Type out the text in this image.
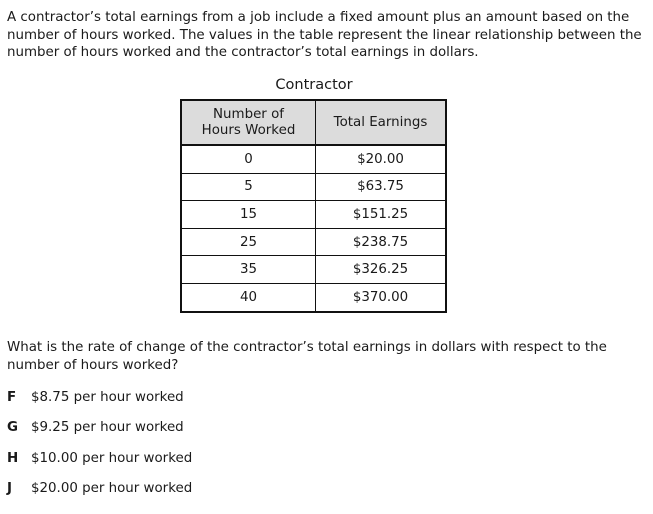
A contractor’s total earnings from a job include a fixed amount plus an amount based on the number of hours worked. The values in the table represent the linear relationship between the number of hours worked and the contractor’s total earnings in dollars.

Contractor
Number of
Hours Worked	Total Earnings
0	$20.00
5	$63.75
15	$151.25
25	$238.75
35	$326.25
40	$370.00

What is the rate of change of the contractor’s total earnings in dollars with respect to the number of hours worked?

F $8.75 per hour worked
G $9.25 per hour worked
H $10.00 per hour worked
J $20.00 per hour worked
